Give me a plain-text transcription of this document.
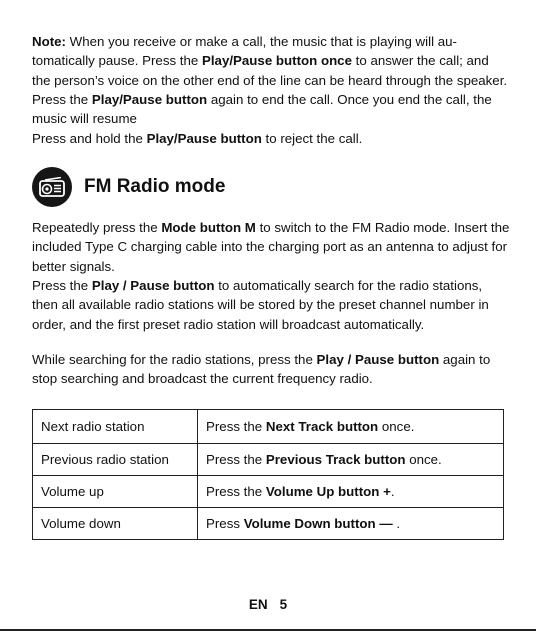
Note: When you receive or make a call, the music that is playing will au-tomatically pause. Press the Play/Pause button once to answer the call; and the person’s voice on the other end of the line can be heard through the speaker. Press the Play/Pause button again to end the call. Once you end the call, the music will resume

Press and hold the Play/Pause button to reject the call.

FM Radio mode

Repeatedly press the Mode button M to switch to the FM Radio mode. Insert the included Type C charging cable into the charging port as an antenna to adjust for better signals.

Press the Play / Pause button to automatically search for the radio stations, then all available radio stations will be stored by the preset channel number in order, and the first preset radio station will broadcast automatically.

While searching for the radio stations, press the Play / Pause button again to stop searching and broadcast the current frequency radio.

Next radio station	Press the Next Track button once.
Previous radio station	Press the Previous Track button once.
Volume up	Press the Volume Up button +.
Volume down	Press Volume Down button — .
EN 5
